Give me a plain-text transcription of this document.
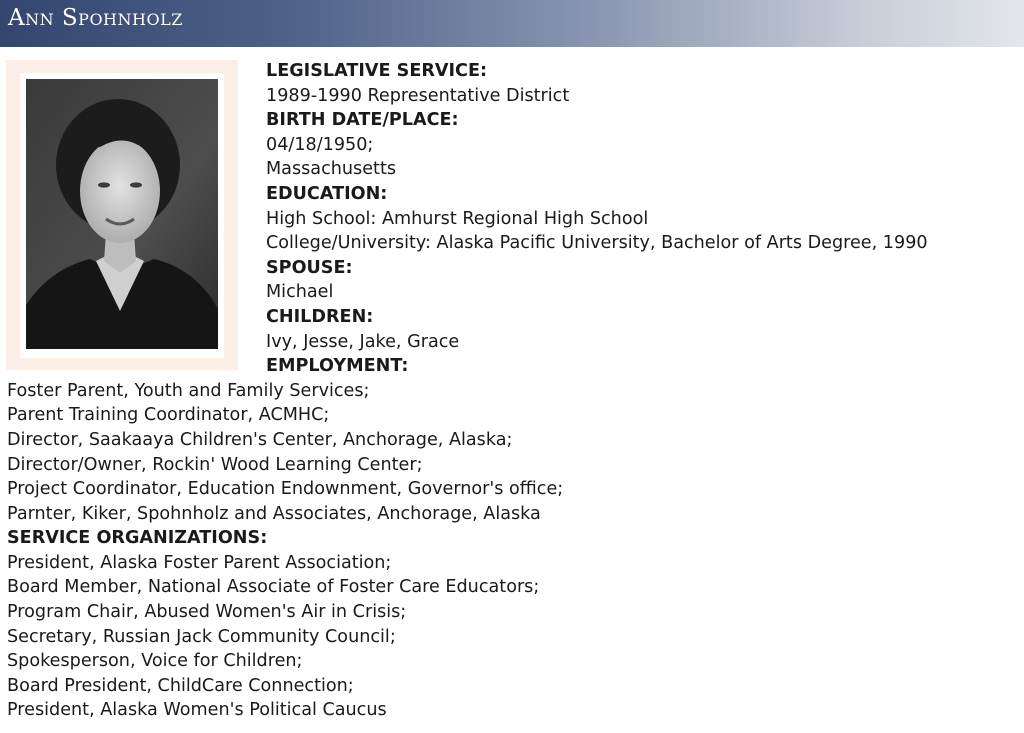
Ann Spohnholz
LEGISLATIVE SERVICE:
1989-1990 Representative District
BIRTH DATE/PLACE:
04/18/1950;
Massachusetts
EDUCATION:
High School: Amhurst Regional High School
College/University: Alaska Pacific University, Bachelor of Arts Degree, 1990
SPOUSE:
Michael
CHILDREN:
Ivy, Jesse, Jake, Grace
EMPLOYMENT:
Foster Parent, Youth and Family Services;
Parent Training Coordinator, ACMHC;
Director, Saakaaya Children's Center, Anchorage, Alaska;
Director/Owner, Rockin' Wood Learning Center;
Project Coordinator, Education Endownment, Governor's office;
Parnter, Kiker, Spohnholz and Associates, Anchorage, Alaska
SERVICE ORGANIZATIONS:
President, Alaska Foster Parent Association;
Board Member, National Associate of Foster Care Educators;
Program Chair, Abused Women's Air in Crisis;
Secretary, Russian Jack Community Council;
Spokesperson, Voice for Children;
Board President, ChildCare Connection;
President, Alaska Women's Political Caucus
